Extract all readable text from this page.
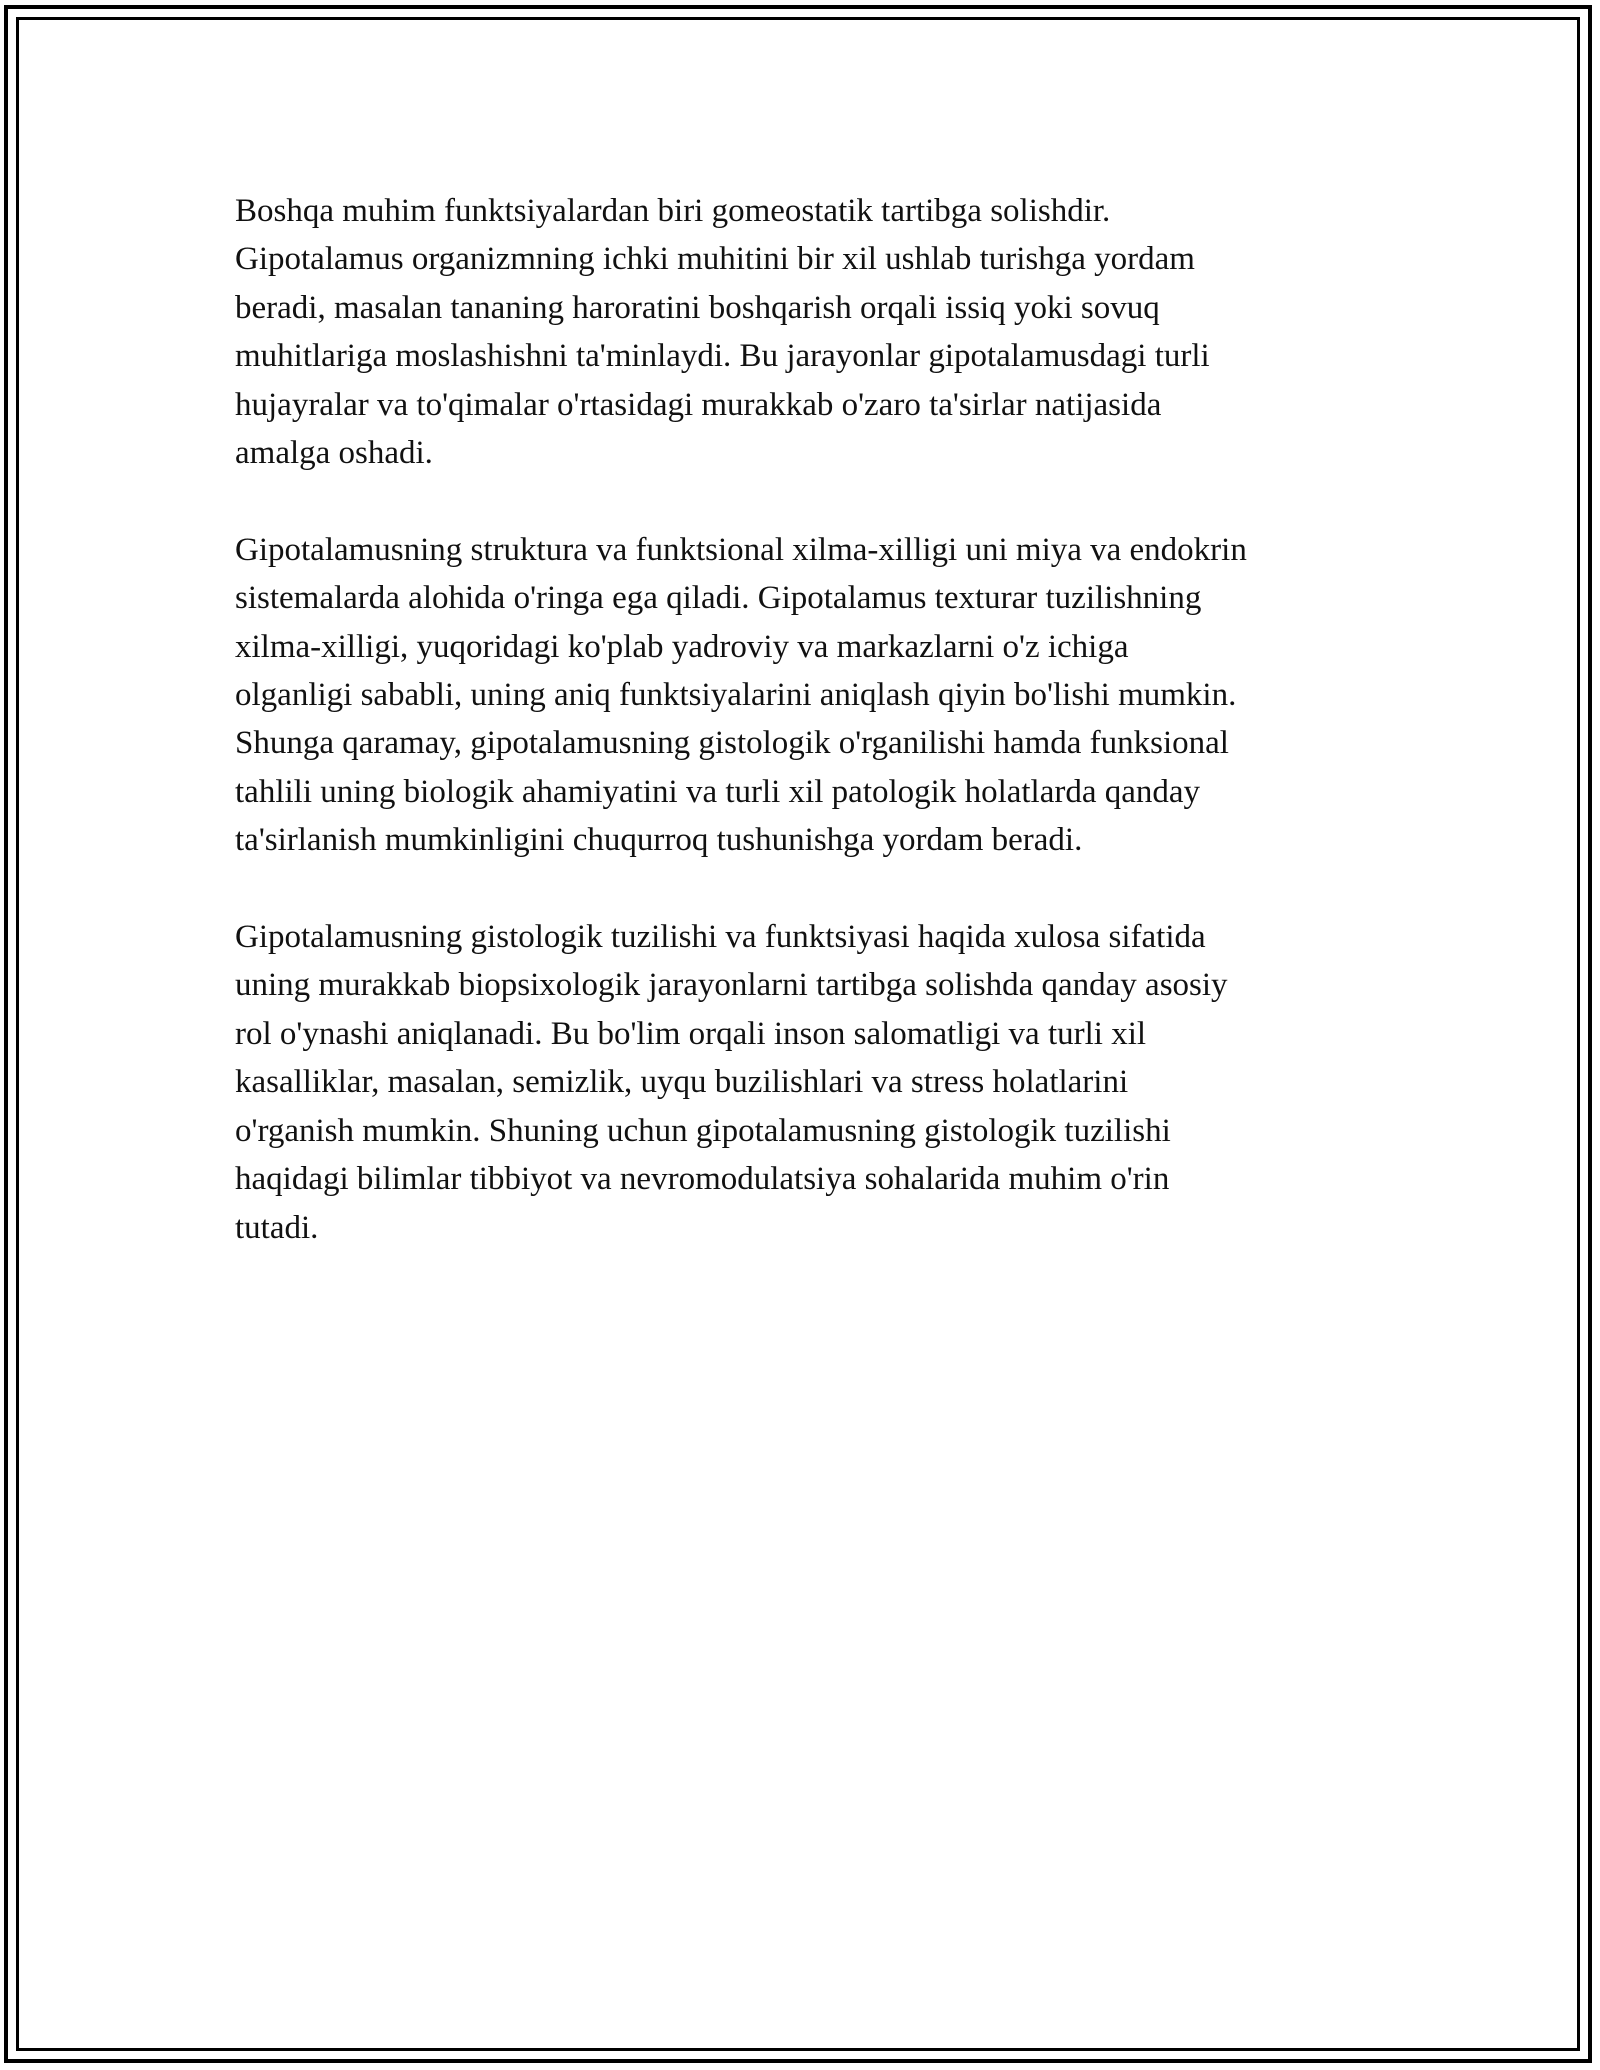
Boshqa muhim funktsiyalardan biri gomeostatik tartibga solishdir.
Gipotalamus organizmning ichki muhitini bir xil ushlab turishga yordam
beradi, masalan tananing haroratini boshqarish orqali issiq yoki sovuq
muhitlariga moslashishni ta'minlaydi. Bu jarayonlar gipotalamusdagi turli
hujayralar va to'qimalar o'rtasidagi murakkab o'zaro ta'sirlar natijasida
amalga oshadi.

Gipotalamusning struktura va funktsional xilma-xilligi uni miya va endokrin
sistemalarda alohida o'ringa ega qiladi. Gipotalamus texturar tuzilishning
xilma-xilligi, yuqoridagi ko'plab yadroviy va markazlarni o'z ichiga
olganligi sababli, uning aniq funktsiyalarini aniqlash qiyin bo'lishi mumkin.
Shunga qaramay, gipotalamusning gistologik o'rganilishi hamda funksional
tahlili uning biologik ahamiyatini va turli xil patologik holatlarda qanday
ta'sirlanish mumkinligini chuqurroq tushunishga yordam beradi.

Gipotalamusning gistologik tuzilishi va funktsiyasi haqida xulosa sifatida
uning murakkab biopsixologik jarayonlarni tartibga solishda qanday asosiy
rol o'ynashi aniqlanadi. Bu bo'lim orqali inson salomatligi va turli xil
kasalliklar, masalan, semizlik, uyqu buzilishlari va stress holatlarini
o'rganish mumkin. Shuning uchun gipotalamusning gistologik tuzilishi
haqidagi bilimlar tibbiyot va nevromodulatsiya sohalarida muhim o'rin
tutadi.
